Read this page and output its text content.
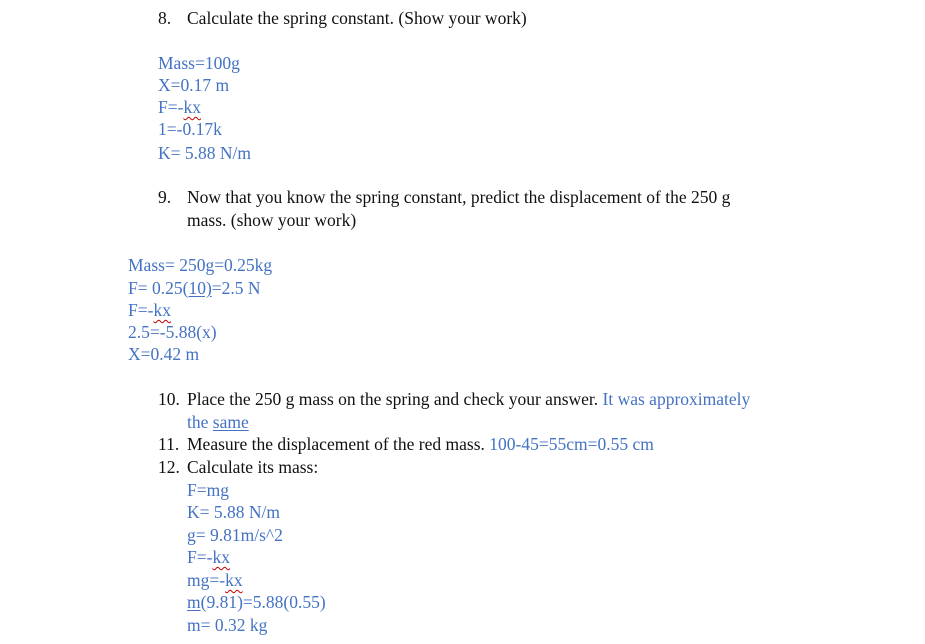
8. Calculate the spring constant. (Show your work)
Mass=100g
X=0.17 m
F=-kx
1=-0.17k
K= 5.88 N/m
9. Now that you know the spring constant, predict the displacement of the 250 g
mass. (show your work)
Mass= 250g=0.25kg
F= 0.25(10)=2.5 N
F=-kx
2.5=-5.88(x)
X=0.42 m
10. Place the 250 g mass on the spring and check your answer. It was approximately
the same
11. Measure the displacement of the red mass. 100-45=55cm=0.55 cm
12. Calculate its mass:
F=mg
K= 5.88 N/m
g= 9.81m/s^2
F=-kx
mg=-kx
m(9.81)=5.88(0.55)
m= 0.32 kg
